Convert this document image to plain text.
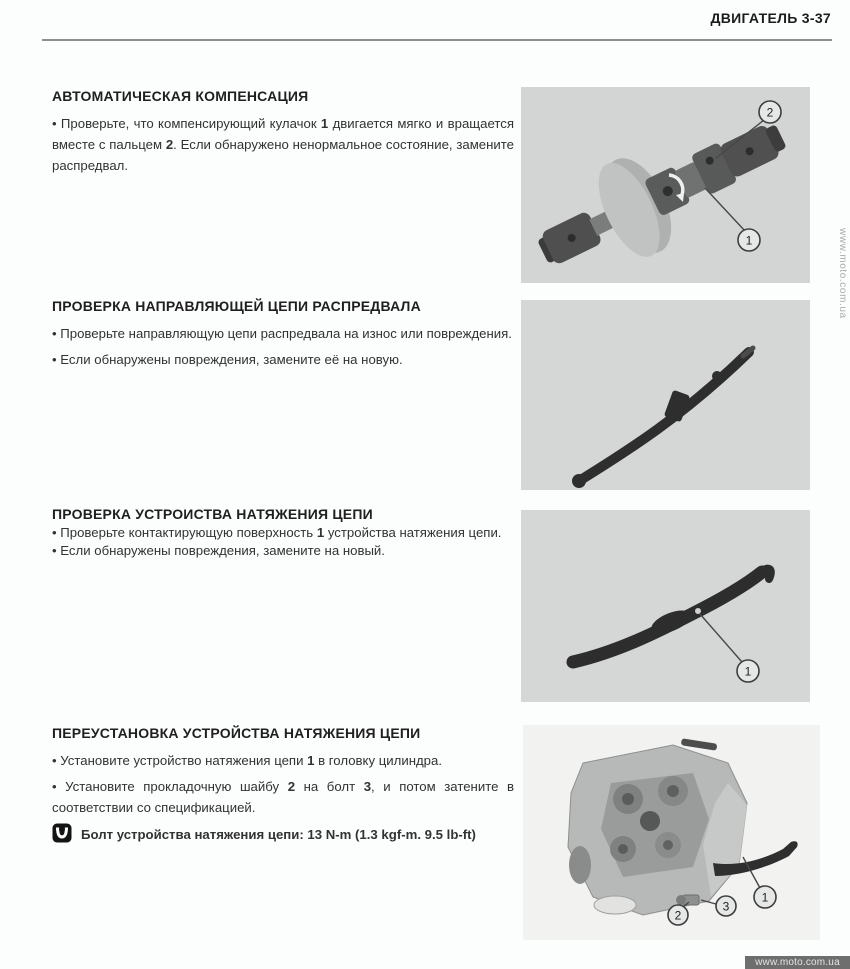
ДВИГАТЕЛЬ 3-37
АВТОМАТИЧЕСКАЯ КОМПЕНСАЦИЯ

• Проверьте, что компенсирующий кулачок 1 двигается мягко и вращается вместе с пальцем 2. Если обнаружено ненормальное состояние, замените распредвал.

2
1
ПРОВЕРКА НАПРАВЛЯЮЩЕЙ ЦЕПИ РАСПРЕДВАЛА

• Проверьте направляющую цепи распредвала на износ или повреждения.

• Если обнаружены повреждения, замените её на новую.

ПРОВЕРКА УСТРОИСТВА НАТЯЖЕНИЯ ЦЕПИ

• Проверьте контактирующую поверхность 1 устройства натяжения цепи.

• Если обнаружены повреждения, замените на новый.

1
ПЕРЕУСТАНОВКА УСТРОЙСТВА НАТЯЖЕНИЯ ЦЕПИ

• Установите устройство натяжения цепи 1 в головку цилиндра.

• Установите прокладочную шайбу 2 на болт 3, и потом затените в соответствии со спецификацией.

Болт устройства натяжения цепи: 13 N-m (1.3 kgf-m. 9.5 lb-ft)

1
2
3
www.moto.com.ua
www.moto.com.ua
